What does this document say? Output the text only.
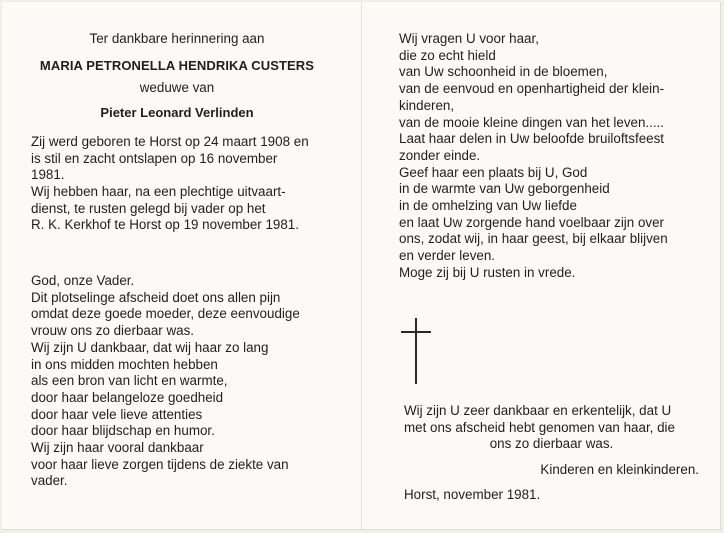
Ter dankbare herinnering aan
MARIA PETRONELLA HENDRIKA CUSTERS
weduwe van
Pieter Leonard Verlinden
Zij werd geboren te Horst op 24 maart 1908 en
is stil en zacht ontslapen op 16 november
1981.
Wij hebben haar, na een plechtige uitvaart-
dienst, te rusten gelegd bij vader op het
R. K. Kerkhof te Horst op 19 november 1981.
God, onze Vader.
Dit plotselinge afscheid doet ons allen pijn
omdat deze goede moeder, deze eenvoudige
vrouw ons zo dierbaar was.
Wij zijn U dankbaar, dat wij haar zo lang
in ons midden mochten hebben
als een bron van licht en warmte,
door haar belangeloze goedheid
door haar vele lieve attenties
door haar blijdschap en humor.
Wij zijn haar vooral dankbaar
voor haar lieve zorgen tijdens de ziekte van
vader.
Wij vragen U voor haar,
die zo echt hield
van Uw schoonheid in de bloemen,
van de eenvoud en openhartigheid der klein-
kinderen,
van de mooie kleine dingen van het leven.....
Laat haar delen in Uw beloofde bruiloftsfeest
zonder einde.
Geef haar een plaats bij U, God
in de warmte van Uw geborgenheid
in de omhelzing van Uw liefde
en laat Uw zorgende hand voelbaar zijn over
ons, zodat wij, in haar geest, bij elkaar blijven
en verder leven.
Moge zij bij U rusten in vrede.
Wij zijn U zeer dankbaar en erkentelijk, dat U
met ons afscheid hebt genomen van haar, die
ons zo dierbaar was.
Kinderen en kleinkinderen.
Horst, november 1981.
